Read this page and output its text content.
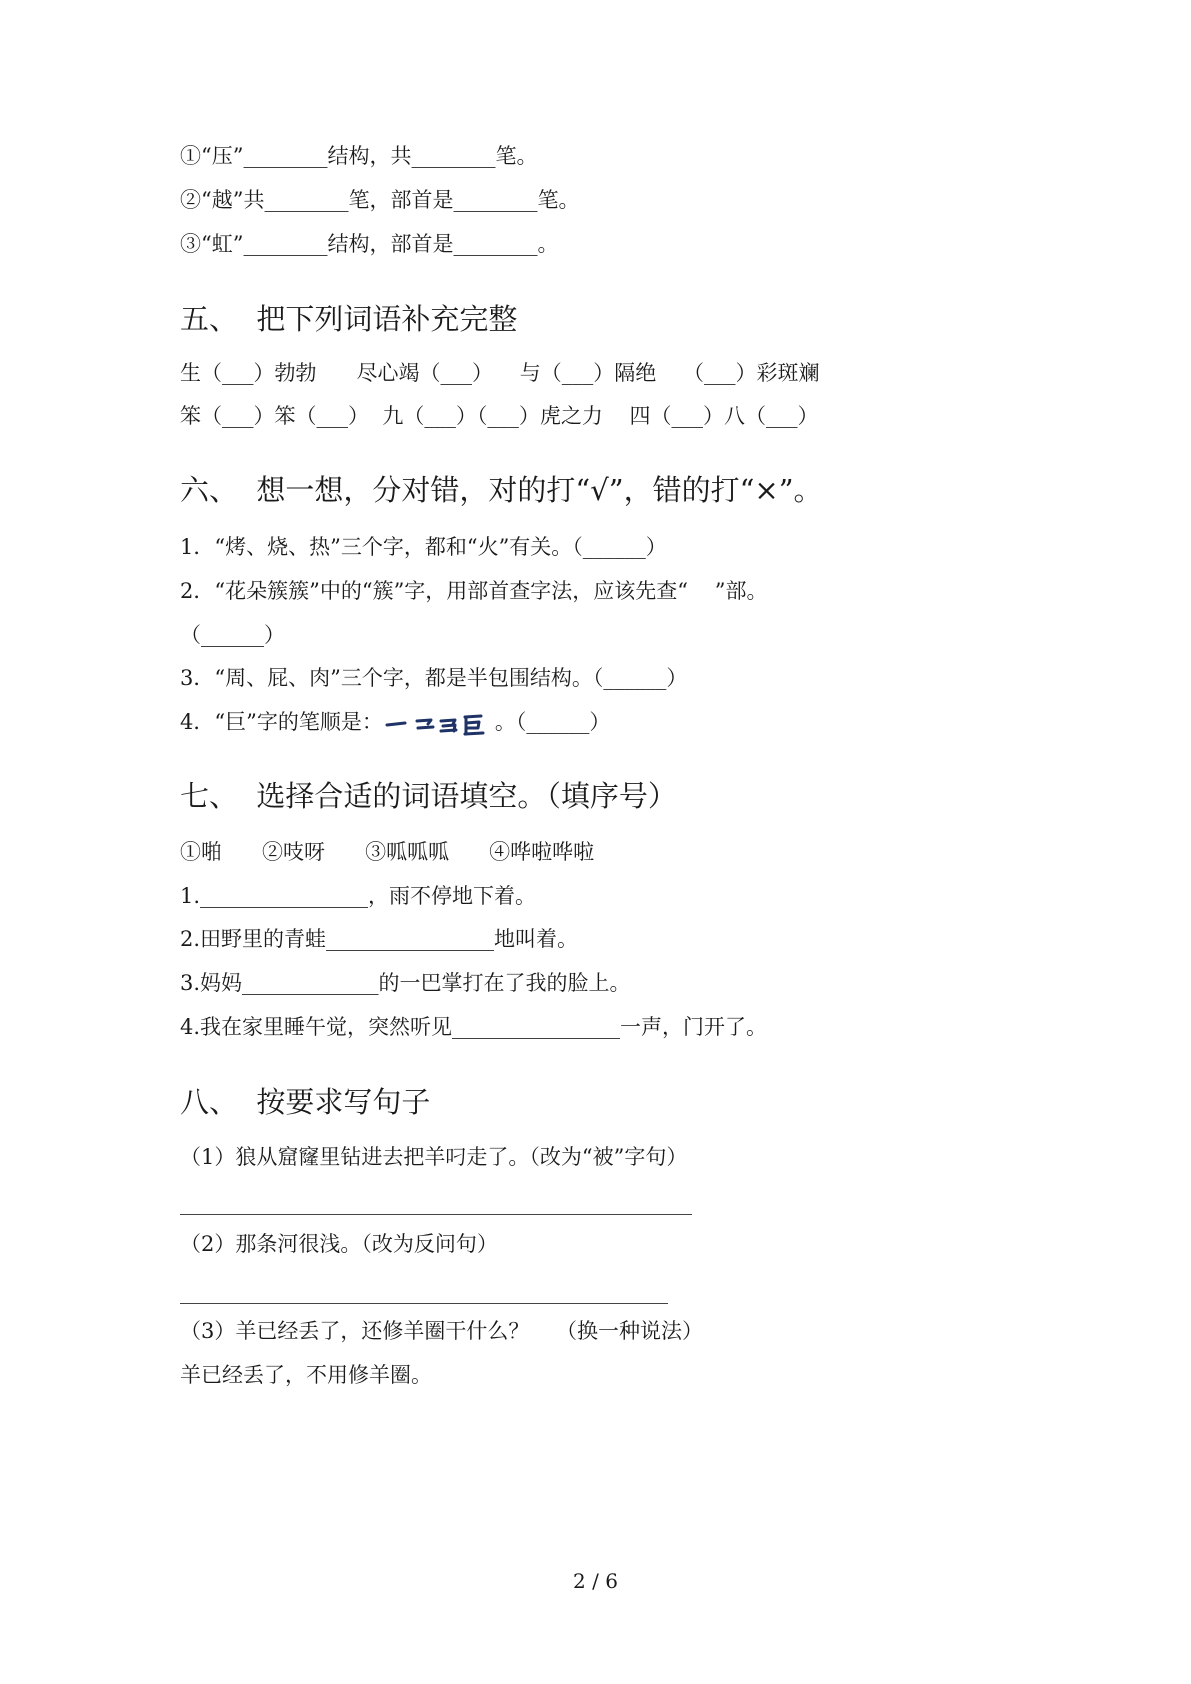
①“压”________结构，共________笔。

②“越”共________笔，部首是________笔。

③“虹”________结构，部首是________。

五、  把下列词语补充完整

生（___）勃勃      尽心竭（___）    与（___）隔绝    （___）彩斑斓

笨（___）笨（___）  九（___）（___）虎之力    四（___）八（___）

六、  想一想，分对错，对的打“√”，错的打“×”。

1．“烤、烧、热”三个字，都和“火”有关。（______）

2．“花朵簇簇”中的“簇”字，用部首查字法，应该先查“    ”部。

（______）

3．“周、屁、肉”三个字，都是半包围结构。（______）

4．“巨”字的笔顺是：	。（______）

七、  选择合适的词语填空。（填序号）

①啪      ②吱呀      ③呱呱呱      ④哗啦哗啦

1.________________，雨不停地下着。

2.田野里的青蛙________________地叫着。

3.妈妈_____________的一巴掌打在了我的脸上。

4.我在家里睡午觉，突然听见________________一声，门开了。

八、  按要求写句子

（1）狼从窟窿里钻进去把羊叼走了。（改为“被”字句）

（2）那条河很浅。（改为反问句）

（3）羊已经丢了，还修羊圈干什么？    （换一种说法）

羊已经丢了，不用修羊圈。

2 / 6
